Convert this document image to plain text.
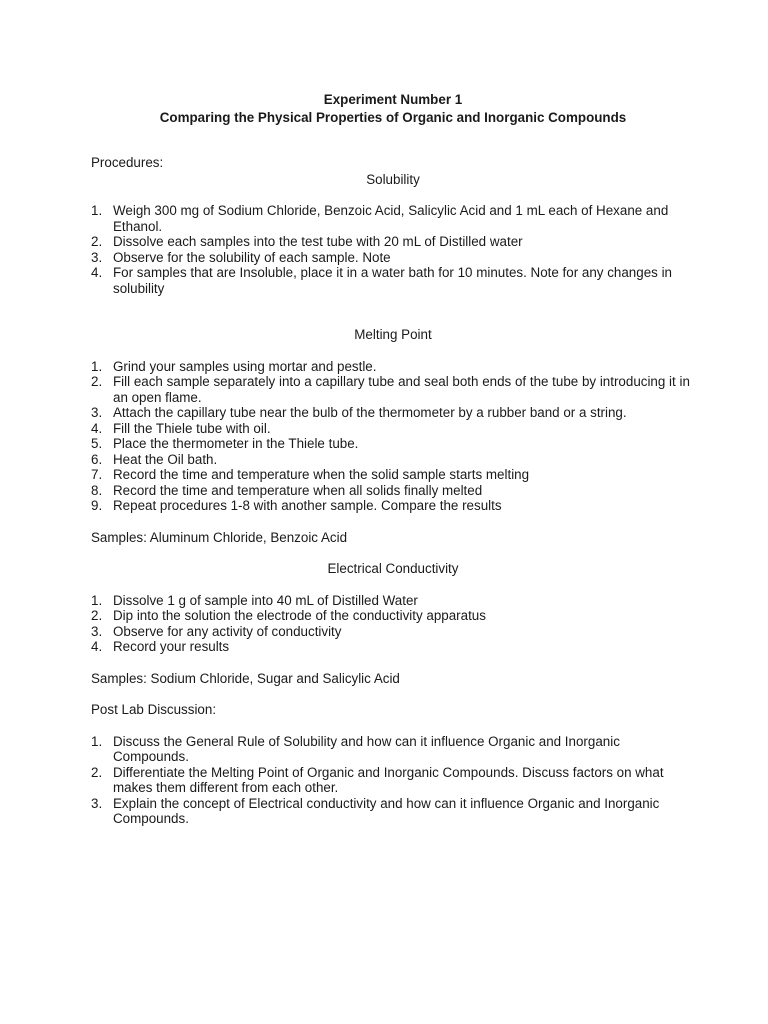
Experiment Number 1

Comparing the Physical Properties of Organic and Inorganic Compounds

Procedures:

Solubility

1. Weigh 300 mg of Sodium Chloride, Benzoic Acid, Salicylic Acid and 1 mL each of Hexane and Ethanol.
2. Dissolve each samples into the test tube with 20 mL of Distilled water
3. Observe for the solubility of each sample. Note
4. For samples that are Insoluble, place it in a water bath for 10 minutes. Note for any changes in solubility

Melting Point

1. Grind your samples using mortar and pestle.
2. Fill each sample separately into a capillary tube and seal both ends of the tube by introducing it in an open flame.
3. Attach the capillary tube near the bulb of the thermometer by a rubber band or a string.
4. Fill the Thiele tube with oil.
5. Place the thermometer in the Thiele tube.
6. Heat the Oil bath.
7. Record the time and temperature when the solid sample starts melting
8. Record the time and temperature when all solids finally melted
9. Repeat procedures 1-8 with another sample. Compare the results

Samples: Aluminum Chloride, Benzoic Acid

Electrical Conductivity

1. Dissolve 1 g of sample into 40 mL of Distilled Water
2. Dip into the solution the electrode of the conductivity apparatus
3. Observe for any activity of conductivity
4. Record your results

Samples: Sodium Chloride, Sugar and Salicylic Acid

Post Lab Discussion:

1. Discuss the General Rule of Solubility and how can it influence Organic and Inorganic Compounds.
2. Differentiate the Melting Point of Organic and Inorganic Compounds. Discuss factors on what makes them different from each other.
3. Explain the concept of Electrical conductivity and how can it influence Organic and Inorganic Compounds.
